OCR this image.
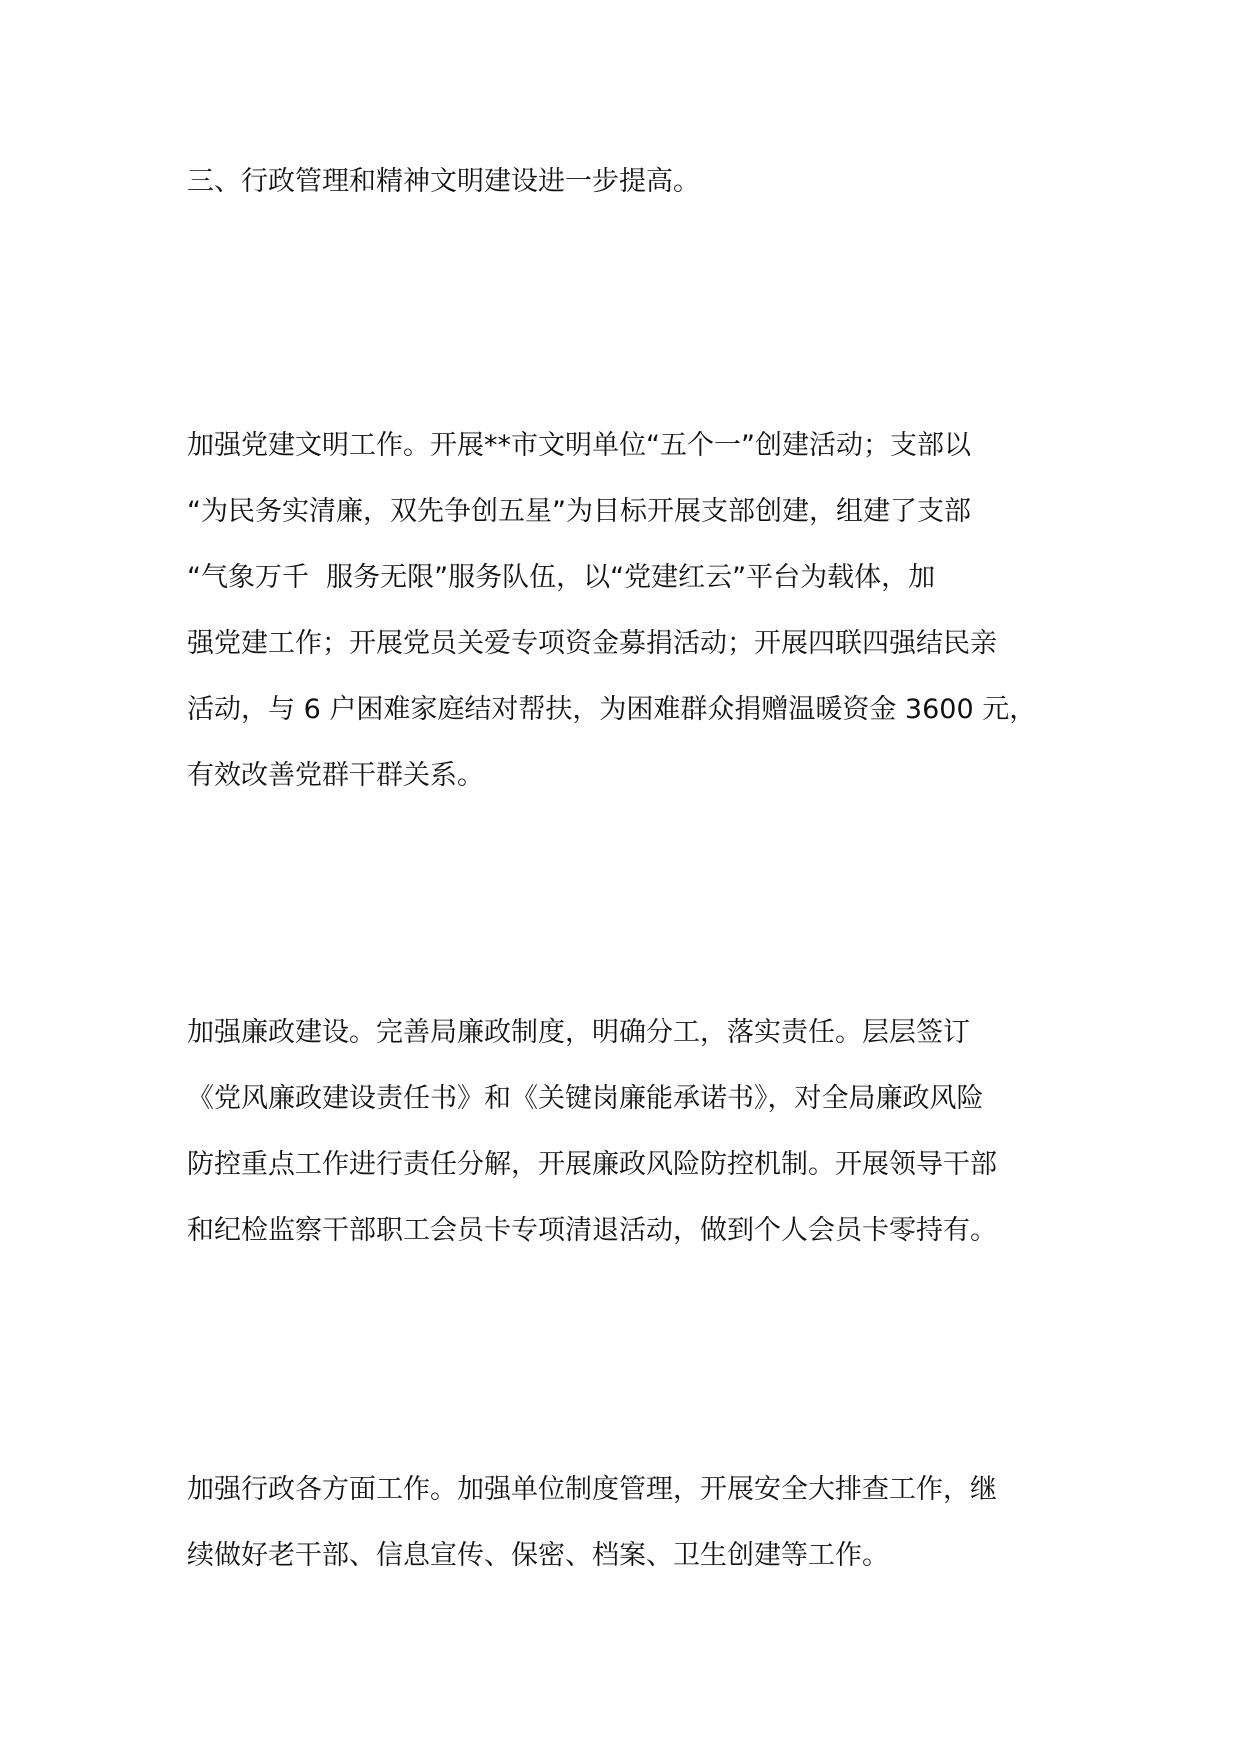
三、行政管理和精神文明建设进一步提高。

加强党建文明工作。开展**市文明单位“五个一”创建活动；支部以
“为民务实清廉，双先争创五星”为目标开展支部创建，组建了支部
“气象万千  服务无限”服务队伍，以“党建红云”平台为载体，加
强党建工作；开展党员关爱专项资金募捐活动；开展四联四强结民亲
活动，与 6 户困难家庭结对帮扶，为困难群众捐赠温暖资金 3600 元，
有效改善党群干群关系。

加强廉政建设。完善局廉政制度，明确分工，落实责任。层层签订
《党风廉政建设责任书》和《关键岗廉能承诺书》，对全局廉政风险
防控重点工作进行责任分解，开展廉政风险防控机制。开展领导干部
和纪检监察干部职工会员卡专项清退活动，做到个人会员卡零持有。

加强行政各方面工作。加强单位制度管理，开展安全大排查工作，继
续做好老干部、信息宣传、保密、档案、卫生创建等工作。
